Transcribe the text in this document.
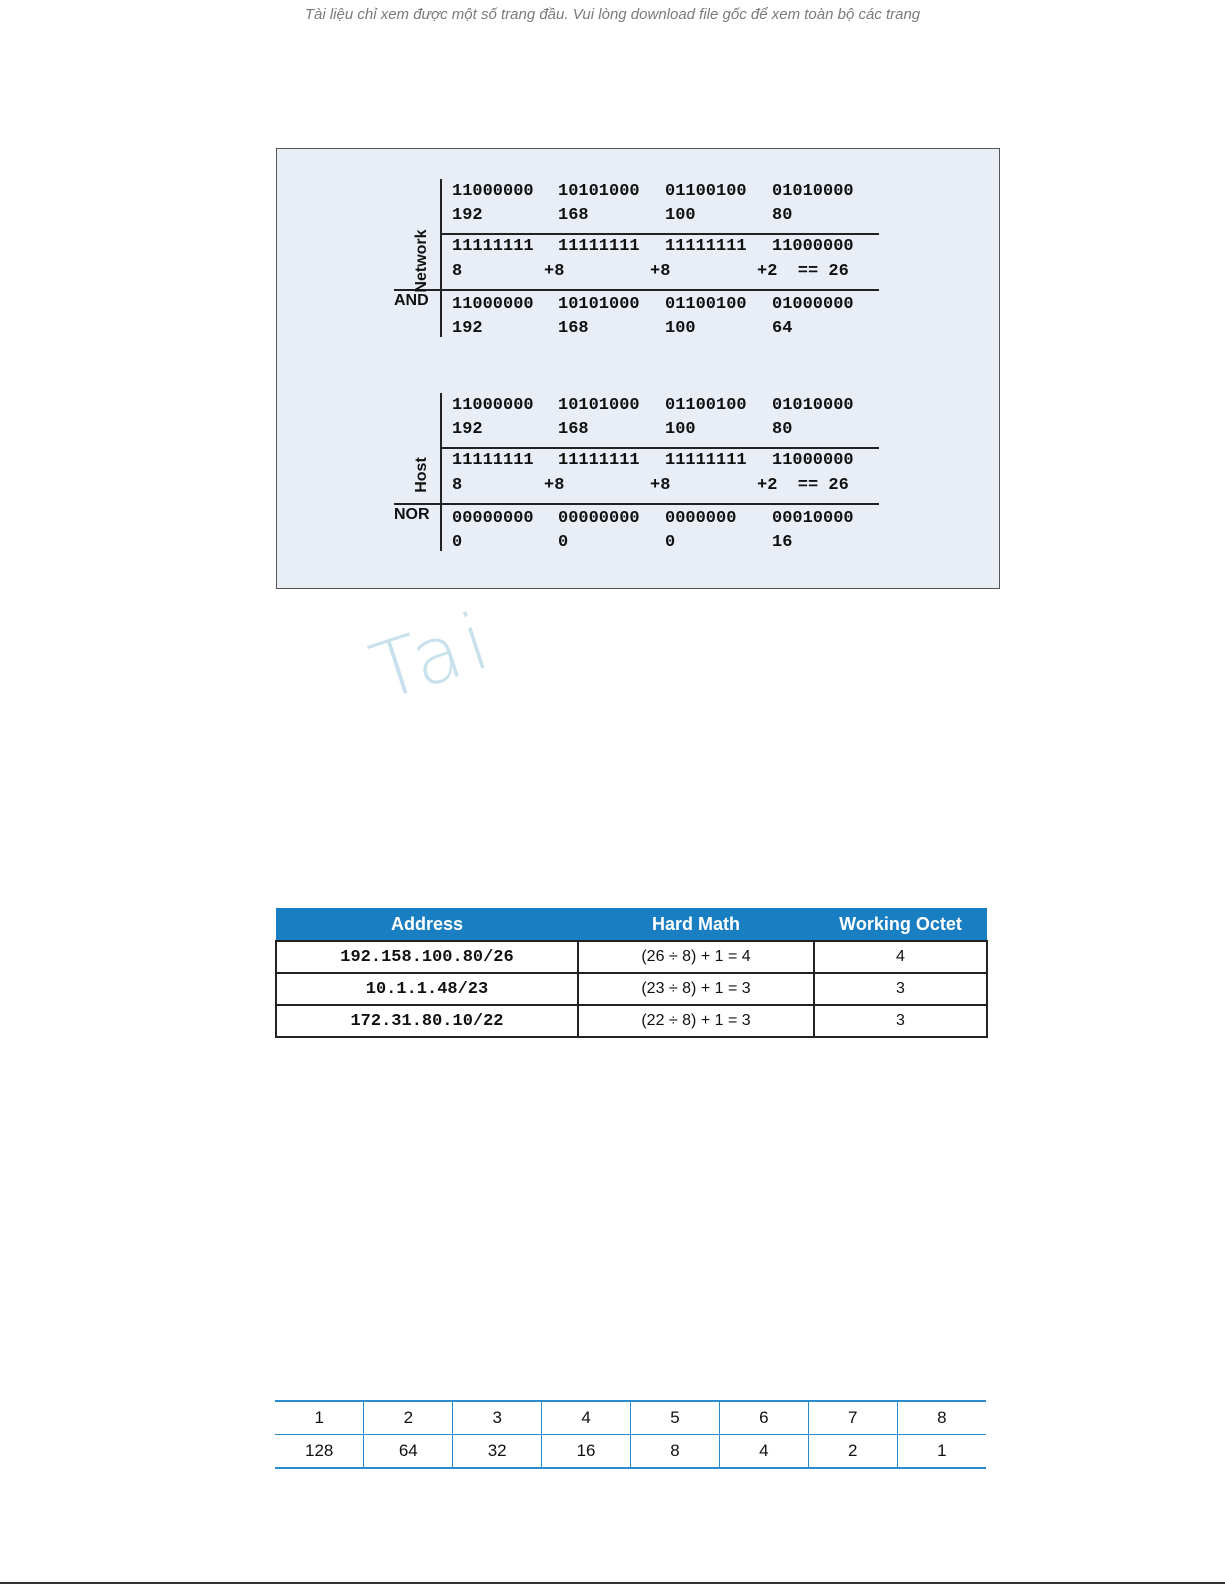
Tài liệu chỉ xem được một số trang đầu. Vui lòng download file gốc để xem toàn bộ các trang
Network
AND
11000000 10101000 01100100 01010000
192	168	100	80
11111111 11111111 11111111 11000000
8	+8	+8	+2  == 26
11000000 10101000 01100100 01000000
192	168	100	64
Host
NOR
11000000 10101000 01100100 01010000
192	168	100	80
11111111 11111111 11111111 11000000
8	+8	+8	+2  == 26
00000000 00000000 0000000 00010000
0	0	0	16
Tai
Address	Hard Math	Working Octet
192.158.100.80/26	(26 ÷ 8) + 1 = 4	4
10.1.1.48/23	(23 ÷ 8) + 1 = 3	3
172.31.80.10/22	(22 ÷ 8) + 1 = 3	3
1	2	3	4	5	6	7	8
128	64	32	16	8	4	2	1
